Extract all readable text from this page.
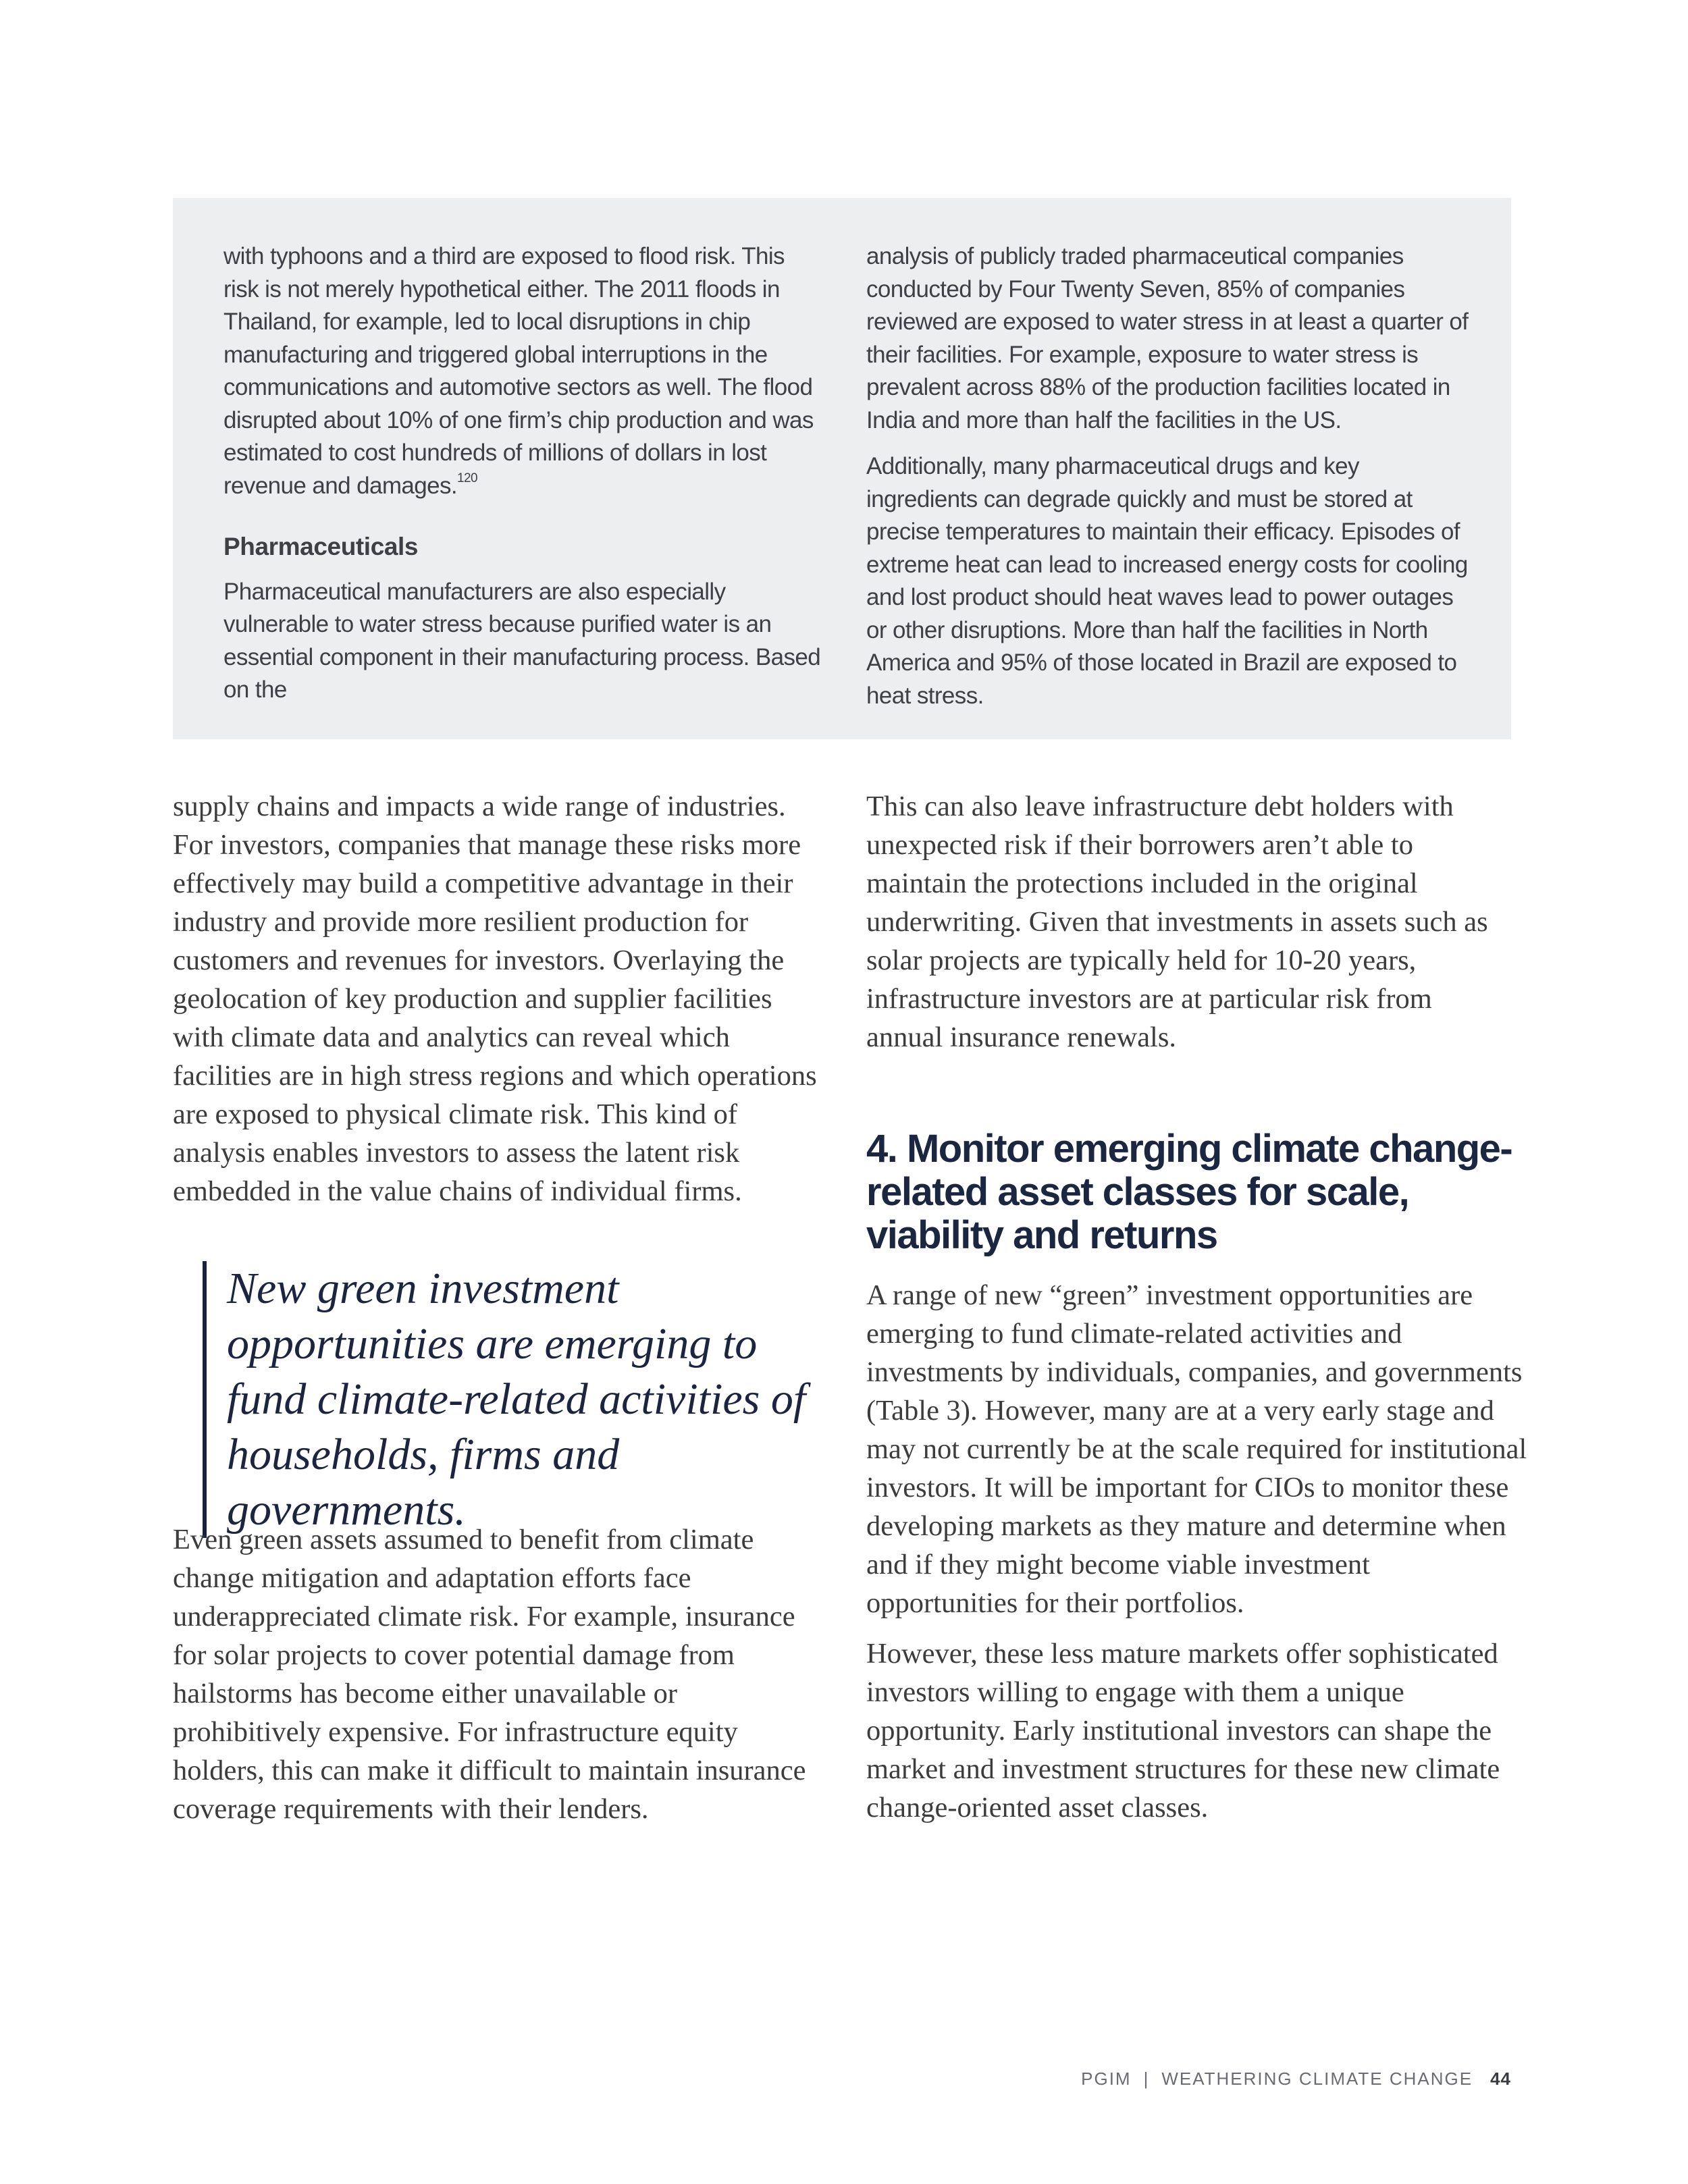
with typhoons and a third are exposed to flood risk. This risk is not merely hypothetical either. The 2011 floods in Thailand, for example, led to local disruptions in chip manufacturing and triggered global interruptions in the communications and automotive sectors as well. The flood disrupted about 10% of one firm’s chip production and was estimated to cost hundreds of millions of dollars in lost revenue and damages.$^{120}$

Pharmaceuticals

Pharmaceutical manufacturers are also especially vulnerable to water stress because purified water is an essential component in their manufacturing process. Based on the

analysis of publicly traded pharmaceutical companies conducted by Four Twenty Seven, 85% of companies reviewed are exposed to water stress in at least a quarter of their facilities. For example, exposure to water stress is prevalent across 88% of the production facilities located in India and more than half the facilities in the US.

Additionally, many pharmaceutical drugs and key ingredients can degrade quickly and must be stored at precise temperatures to maintain their efficacy. Episodes of extreme heat can lead to increased energy costs for cooling and lost product should heat waves lead to power outages or other disruptions. More than half the facilities in North America and 95% of those located in Brazil are exposed to heat stress.

supply chains and impacts a wide range of industries. For investors, companies that manage these risks more effectively may build a competitive advantage in their industry and provide more resilient production for customers and revenues for investors. Overlaying the geolocation of key production and supplier facilities with climate data and analytics can reveal which facilities are in high stress regions and which operations are exposed to physical climate risk. This kind of analysis enables investors to assess the latent risk embedded in the value chains of individual firms.

New green investment opportunities are emerging to fund climate-related activities of households, firms and governments.

Even green assets assumed to benefit from climate change mitigation and adaptation efforts face underappreciated climate risk. For example, insurance for solar projects to cover potential damage from hailstorms has become either unavailable or prohibitively expensive. For infrastructure equity holders, this can make it difficult to maintain insurance coverage requirements with their lenders.

This can also leave infrastructure debt holders with unexpected risk if their borrowers aren’t able to maintain the protections included in the original underwriting. Given that investments in assets such as solar projects are typically held for 10-20 years, infrastructure investors are at particular risk from annual insurance renewals.

4. Monitor emerging climate change-related asset classes for scale, viability and returns

A range of new “green” investment opportunities are emerging to fund climate-related activities and investments by individuals, companies, and governments (Table 3). However, many are at a very early stage and may not currently be at the scale required for institutional investors. It will be important for CIOs to monitor these developing markets as they mature and determine when and if they might become viable investment opportunities for their portfolios.

However, these less mature markets offer sophisticated investors willing to engage with them a unique opportunity. Early institutional investors can shape the market and investment structures for these new climate change-oriented asset classes.

PGIM | WEATHERING CLIMATE CHANGE 44
